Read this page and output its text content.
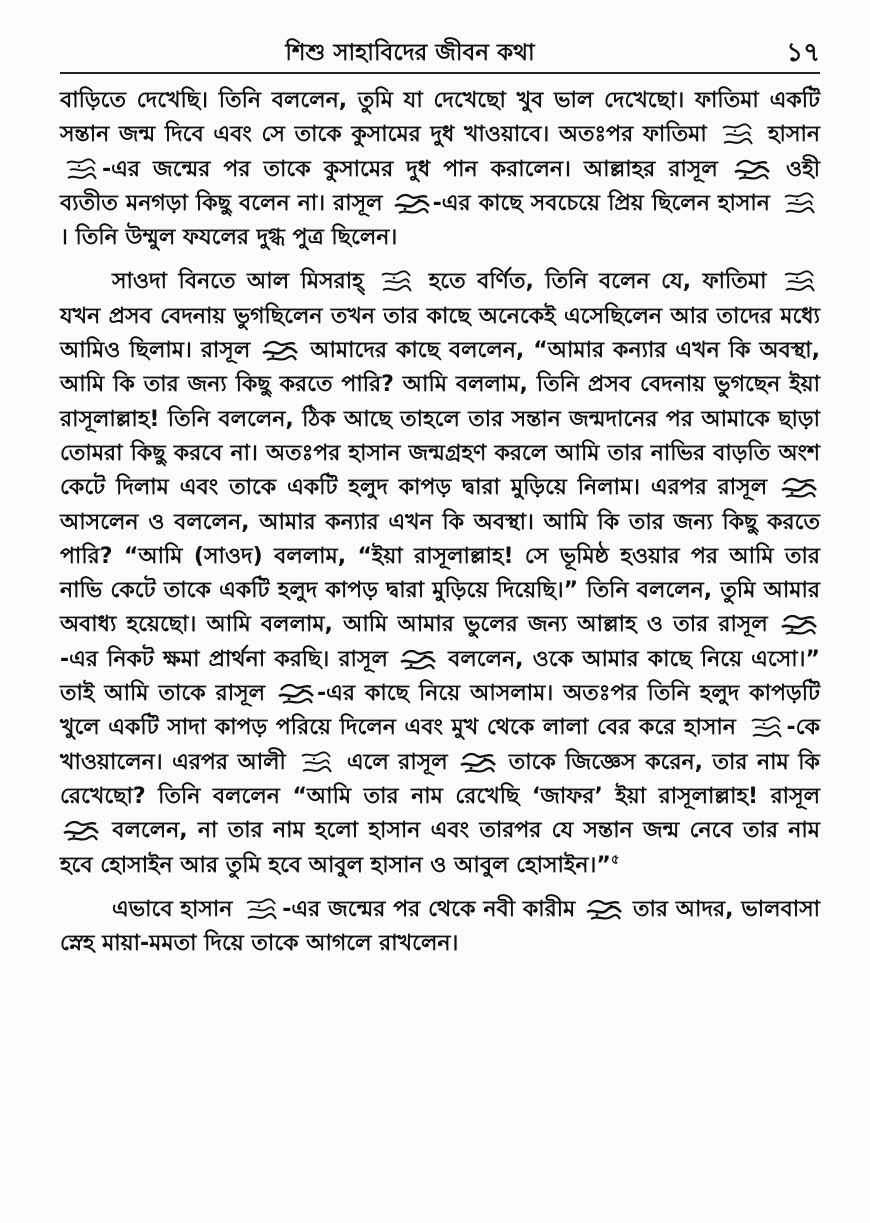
শিশু সাহাবিদের জীবন কথা	১৭

বাড়িতে দেখেছি। তিনি বললেন, তুমি যা দেখেছো খুব ভাল দেখেছো। ফাতিমা একটি সন্তান জন্ম দিবে এবং সে তাকে কুসামের দুধ খাওয়াবে। অতঃপর ফাতিমা	হাসান
-এর জন্মের পর তাকে কুসামের দুধ পান করালেন। আল্লাহর রাসূল	ওহী ব্যতীত মনগড়া কিছু বলেন না। রাসূল -এর কাছে সবচেয়ে প্রিয় ছিলেন হাসান
। তিনি উম্মুল ফযলের দুগ্ধ পুত্র ছিলেন।

সাওদা বিনতে আল মিসরাহ্	হতে বর্ণিত, তিনি বলেন যে, ফাতিমা
যখন প্রসব বেদনায় ভুগছিলেন তখন তার কাছে অনেকেই এসেছিলেন আর তাদের মধ্যে আমিও ছিলাম। রাসূল	আমাদের কাছে বললেন, “আমার কন্যার এখন কি অবস্থা, আমি কি তার জন্য কিছু করতে পারি? আমি বললাম, তিনি প্রসব বেদনায় ভুগছেন ইয়া রাসূলাল্লাহ! তিনি বললেন, ঠিক আছে তাহলে তার সন্তান জন্মদানের পর আমাকে ছাড়া তোমরা কিছু করবে না। অতঃপর হাসান জন্মগ্রহণ করলে আমি তার নাভির বাড়তি অংশ কেটে দিলাম এবং তাকে একটি হলুদ কাপড় দ্বারা মুড়িয়ে নিলাম। এরপর রাসূল
আসলেন ও বললেন, আমার কন্যার এখন কি অবস্থা। আমি কি তার জন্য কিছু করতে পারি? “আমি (সাওদ) বললাম, “ইয়া রাসূলাল্লাহ! সে ভূমিষ্ঠ হওয়ার পর আমি তার নাভি কেটে তাকে একটি হলুদ কাপড় দ্বারা মুড়িয়ে দিয়েছি।” তিনি বললেন, তুমি আমার অবাধ্য হয়েছো। আমি বললাম, আমি আমার ভুলের জন্য আল্লাহ ও তার রাসূল
-এর নিকট ক্ষমা প্রার্থনা করছি। রাসূল	বললেন, ওকে আমার কাছে নিয়ে এসো।” তাই আমি তাকে রাসূল -এর কাছে নিয়ে আসলাম। অতঃপর তিনি হলুদ কাপড়টি খুলে একটি সাদা কাপড় পরিয়ে দিলেন এবং মুখ থেকে লালা বের করে হাসান -কে খাওয়ালেন। এরপর আলী	এলে রাসূল	তাকে জিজ্ঞেস করেন, তার নাম কি রেখেছো? তিনি বললেন “আমি তার নাম রেখেছি ‘জাফর’ ইয়া রাসূলাল্লাহ! রাসূল
বললেন, না তার নাম হলো হাসান এবং তারপর যে সন্তান জন্ম নেবে তার নাম হবে হোসাইন আর তুমি হবে আবুল হাসান ও আবুল হোসাইন।”$^৫$

এভাবে হাসান -এর জন্মের পর থেকে নবী কারীম	তার আদর, ভালবাসা স্নেহ মায়া-মমতা দিয়ে তাকে আগলে রাখলেন।
